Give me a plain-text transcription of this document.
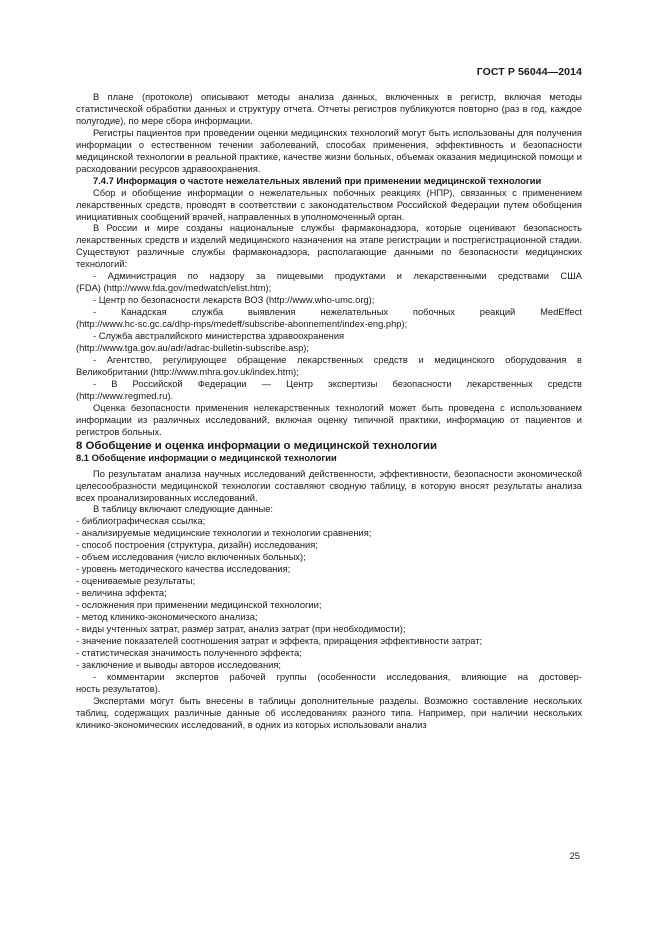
ГОСТ Р 56044—2014

В плане (протоколе) описывают методы анализа данных, включенных в регистр, включая методы статистической обработки данных и структуру отчета. Отчеты регистров публикуются повторно (раз в год, каждое полугодие), по мере сбора информации.

Регистры пациентов при проведении оценки медицинских технологий могут быть использованы для получения информации о естественном течении заболеваний, способах применения, эффективность и безопасности медицинской технологии в реальной практике, качестве жизни больных, объемах оказания медицинской помощи и расходовании ресурсов здравоохранения.

7.4.7 Информация о частоте нежелательных явлений при применении медицинской технологии

Сбор и обобщение информации о нежелательных побочных реакциях (НПР), связанных с применением лекарственных средств, проводят в соответствии с законодательством Российской Федерации путем обобщения инициативных сообщений врачей, направленных в уполномоченный орган.

В России и мире созданы национальные службы фармаконадзора, которые оценивают безопасность лекарственных средств и изделий медицинского назначения на этапе регистрации и пострегистрационной стадии. Существуют различные службы фармаконадзора, располагающие данными по безопасности медицинских технологий:

- Администрация по надзору за пищевыми продуктами и лекарственными средствами США

(FDA) (http://www.fda.gov/medwatch/elist.htm);

- Центр по безопасности лекарств ВОЗ (http://www.who-umc.org);

- Канадская служба выявления нежелательных побочных реакций MedEffect

(http://www.hc-sc.gc.ca/dhp-mps/medeff/subscribe-abonnement/index-eng.php);

- Служба австралийского министерства здравоохранения

(http://www.tga.gov.au/adr/adrac-bulletin-subscribe.asp);

- Агентство, регулирующее обращение лекарственных средств и медицинского оборудования в

Великобритании (http://www.mhra.gov.uk/index.htm);

- В Российской Федерации — Центр экспертизы безопасности лекарственных средств

(http://www.regmed.ru).

Оценка безопасности применения нелекарственных технологий может быть проведена с использованием информации из различных исследований, включая оценку типичной практики, информацию от пациентов и регистров больных.

8 Обобщение и оценка информации о медицинской технологии

8.1 Обобщение информации о медицинской технологии

По результатам анализа научных исследований действенности, эффективности, безопасности экономической целесообразности медицинской технологии составляют сводную таблицу, в которую вносят результаты анализа всех проанализированных исследований.

В таблицу включают следующие данные:

- библиографическая ссылка;
- анализируемые медицинские технологии и технологии сравнения;
- способ построения (структура, дизайн) исследования;
- объем исследования (число включенных больных);
- уровень методического качества исследования;
- оцениваемые результаты;
- величина эффекта;
- осложнения при применении медицинской технологии;
- метод клинико-экономического анализа;
- виды учтенных затрат, размер затрат, анализ затрат (при необходимости);
- значение показателей соотношения затрат и эффекта, приращения эффективности затрат;
- статистическая значимость полученного эффекта;
- заключение и выводы авторов исследования;

- комментарии экспертов рабочей группы (особенности исследования, влияющие на достовер-

ность результатов).

Экспертами могут быть внесены в таблицы дополнительные разделы. Возможно составление нескольких таблиц, содержащих различные данные об исследованиях разного типа. Например, при наличии нескольких клинико-экономических исследований, в одних из которых использовали анализ

25
